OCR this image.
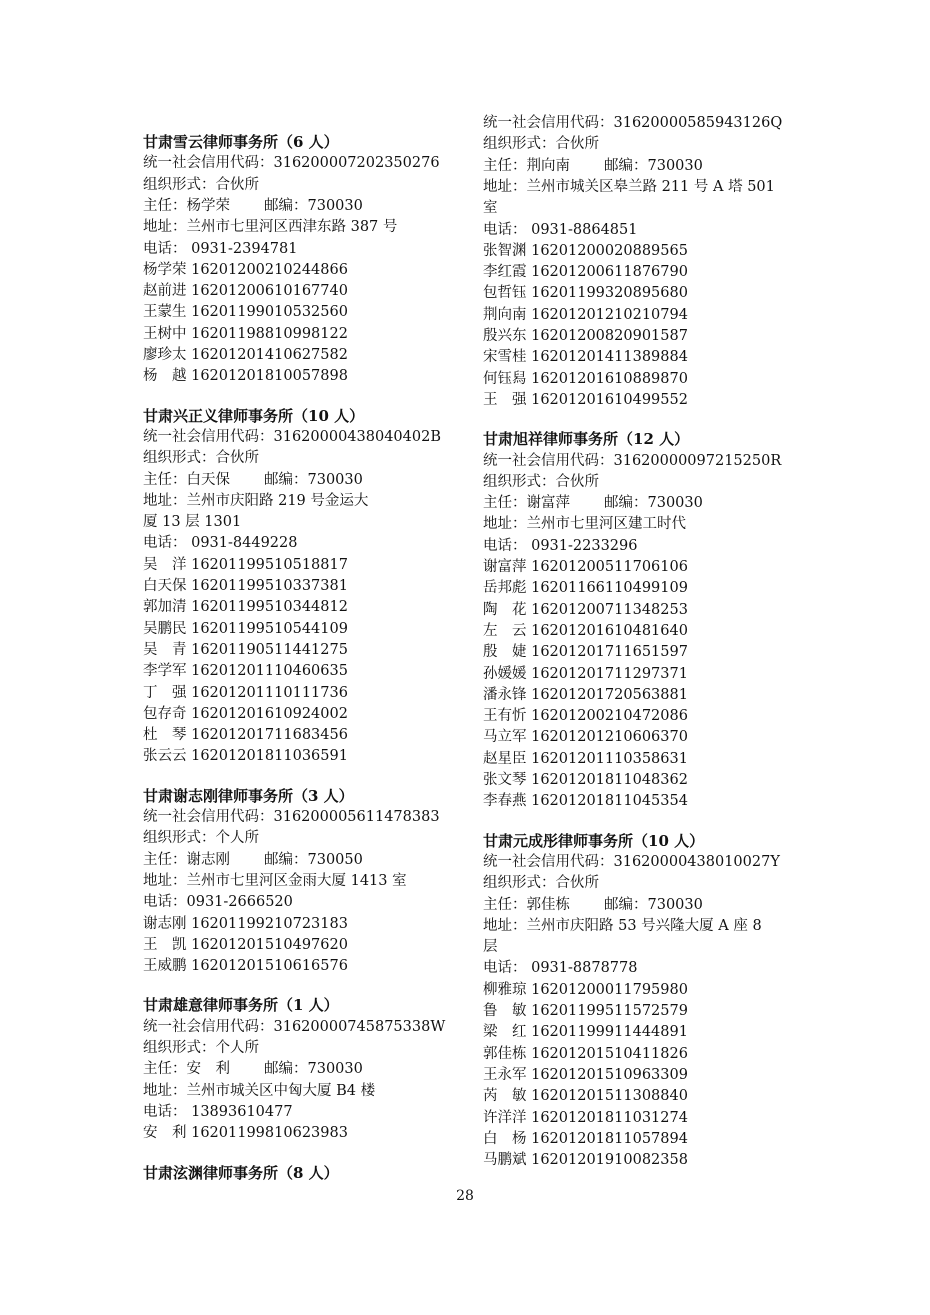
甘肃雪云律师事务所（6 人）
统一社会信用代码：316200007202350276
组织形式：合伙所
主任：杨学荣 邮编：730030
地址：兰州市七里河区西津东路 387 号
电话： 0931-2394781
杨学荣 16201200210244866
赵前进 16201200610167740
王蒙生 16201199010532560
王树中 16201198810998122
廖珍太 16201201410627582
杨　越 16201201810057898
甘肃兴正义律师事务所（10 人）
统一社会信用代码：31620000438040402B
组织形式：合伙所
主任：白天保 邮编：730030
地址：兰州市庆阳路 219 号金运大
厦 13 层 1301
电话： 0931-8449228
吴　洋 16201199510518817
白天保 16201199510337381
郭加清 16201199510344812
吴鹏民 16201199510544109
吴　青 16201190511441275
李学军 16201201110460635
丁　强 16201201110111736
包存奇 16201201610924002
杜　琴 16201201711683456
张云云 16201201811036591
甘肃谢志刚律师事务所（3 人）
统一社会信用代码：316200005611478383
组织形式：个人所
主任：谢志刚 邮编：730050
地址：兰州市七里河区金雨大厦 1413 室
电话：0931-2666520
谢志刚 16201199210723183
王　凯 16201201510497620
王威鹏 16201201510616576
甘肃雄意律师事务所（1 人）
统一社会信用代码：31620000745875338W
组织形式：个人所
主任：安　利 邮编：730030
地址：兰州市城关区中匈大厦 B4 楼
电话： 13893610477
安　利 16201199810623983
甘肃泫渊律师事务所（8 人）
统一社会信用代码：31620000585943126Q
组织形式：合伙所
主任：荆向南 邮编：730030
地址：兰州市城关区皋兰路 211 号 A 塔 501
室
电话： 0931-8864851
张智渊 16201200020889565
李红霞 16201200611876790
包哲钰 16201199320895680
荆向南 16201201210210794
殷兴东 16201200820901587
宋雪桂 16201201411389884
何钰舄 16201201610889870
王　强 16201201610499552
甘肃旭祥律师事务所（12 人）
统一社会信用代码：31620000097215250R
组织形式：合伙所
主任：谢富萍 邮编：730030
地址：兰州市七里河区建工时代
电话： 0931-2233296
谢富萍 16201200511706106
岳邦彪 16201166110499109
陶　花 16201200711348253
左　云 16201201610481640
殷　婕 16201201711651597
孙媛媛 16201201711297371
潘永锋 16201201720563881
王有忻 16201200210472086
马立军 16201201210606370
赵星臣 16201201110358631
张文琴 16201201811048362
李春燕 16201201811045354
甘肃元成彤律师事务所（10 人）
统一社会信用代码：31620000438010027Y
组织形式：合伙所
主任：郭佳栋 邮编：730030
地址：兰州市庆阳路 53 号兴隆大厦 A 座 8
层
电话： 0931-8878778
柳雅琼 16201200011795980
鲁　敏 16201199511572579
梁　红 16201199911444891
郭佳栋 16201201510411826
王永军 16201201510963309
芮　敏 16201201511308840
许洋洋 16201201811031274
白　杨 16201201811057894
马鹏斌 16201201910082358
28
